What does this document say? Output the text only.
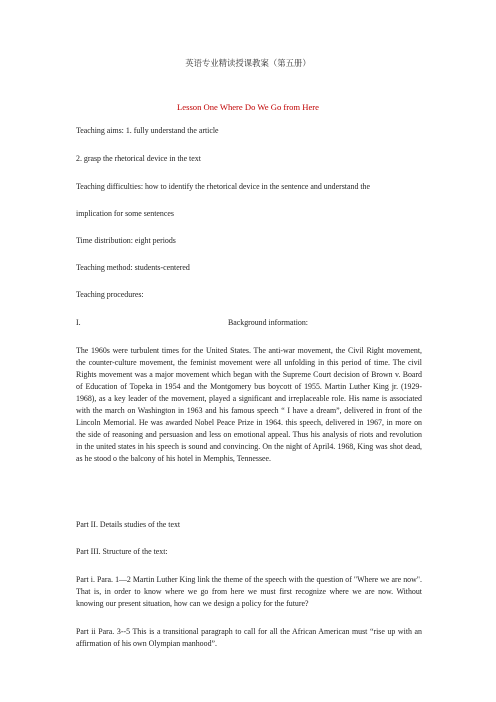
英语专业精读授课教案（第五册）
Lesson One Where Do We Go from Here
Teaching aims: 1. fully understand the article
2. grasp the rhetorical device in the text
Teaching difficulties: how to identify the rhetorical device in the sentence and understand the
implication for some sentences
Time distribution: eight periods
Teaching method: students-centered
Teaching procedures:
I.	Background information:
The 1960s were turbulent times for the United States. The anti-war movement, the Civil Right movement, the counter-culture movement, the feminist movement were all unfolding in this period of time. The civil Rights movement was a major movement which began with the Supreme Court decision of Brown v. Board of Education of Topeka in 1954 and the Montgomery bus boycott of 1955. Martin Luther King jr. (1929-1968), as a key leader of the movement, played a significant and irreplaceable role. His name is associated with the march on Washington in 1963 and his famous speech “ I have a dream”, delivered in front of the Lincoln Memorial. He was awarded Nobel Peace Prize in 1964. this speech, delivered in 1967, in more on the side of reasoning and persuasion and less on emotional appeal. Thus his analysis of riots and revolution in the united states in his speech is sound and convincing. On the night of April4. 1968, King was shot dead, as he stood o the balcony of his hotel in Memphis, Tennessee.
Part II. Details studies of the text
Part III. Structure of the text:
Part i. Para. 1—2 Martin Luther King link the theme of the speech with the question of "Where we are now". That is, in order to know where we go from here we must first recognize where we are now. Without knowing our present situation, how can we design a policy for the future?
Part ii Para. 3--5 This is a transitional paragraph to call for all the African American must “rise up with an affirmation of his own Olympian manhood”.
